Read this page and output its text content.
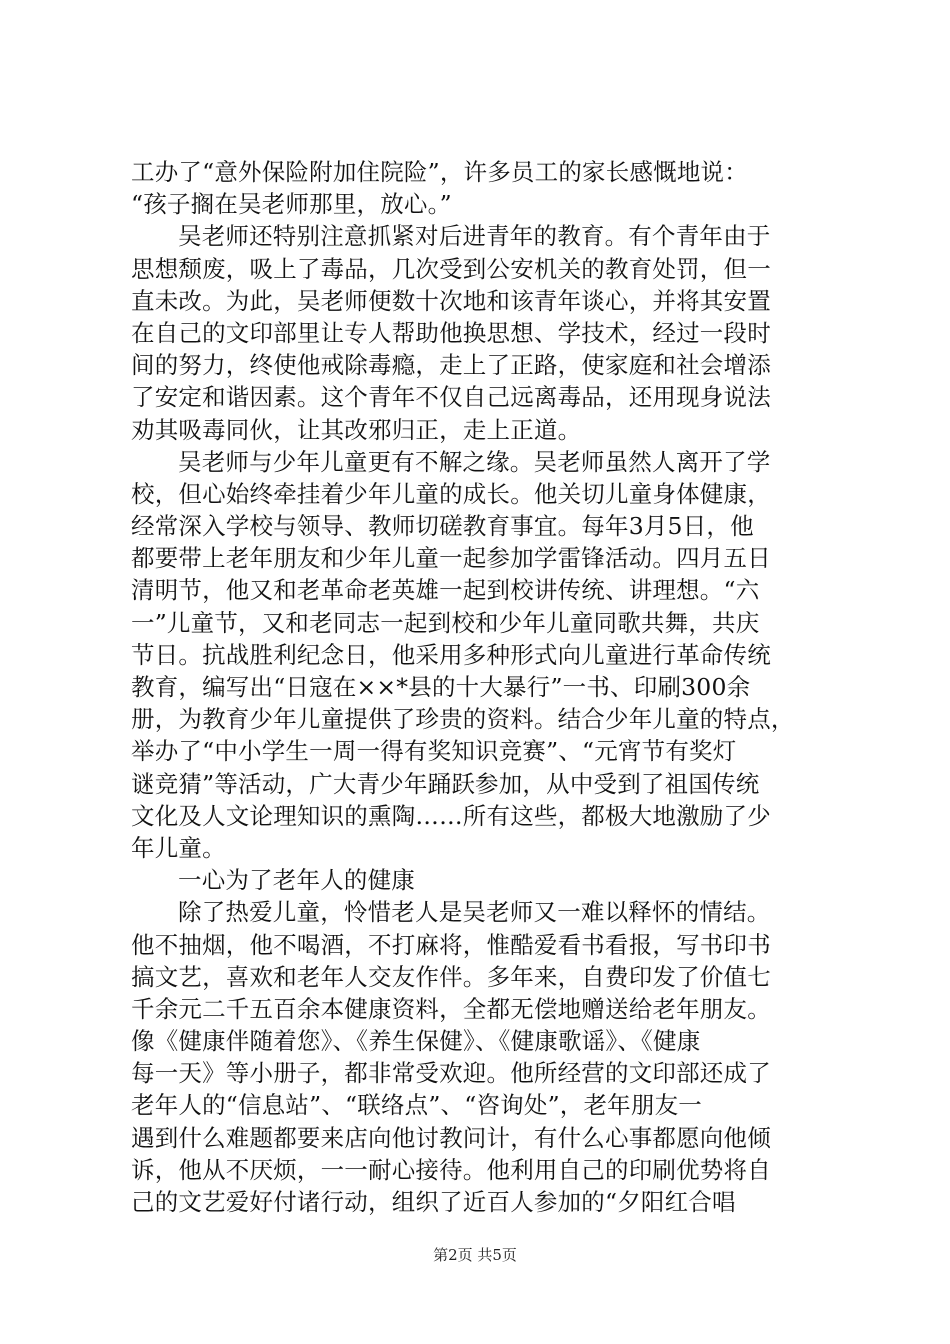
工办了“意外保险附加住院险”，许多员工的家长感慨地说：
“孩子搁在吴老师那里，放心。”
吴老师还特别注意抓紧对后进青年的教育。有个青年由于
思想颓废，吸上了毒品，几次受到公安机关的教育处罚，但一
直未改。为此，吴老师便数十次地和该青年谈心，并将其安置
在自己的文印部里让专人帮助他换思想、学技术，经过一段时
间的努力，终使他戒除毒瘾，走上了正路，使家庭和社会增添
了安定和谐因素。这个青年不仅自己远离毒品，还用现身说法
劝其吸毒同伙，让其改邪归正，走上正道。
吴老师与少年儿童更有不解之缘。吴老师虽然人离开了学
校，但心始终牵挂着少年儿童的成长。他关切儿童身体健康，
经常深入学校与领导、教师切磋教育事宜。每年3月5日，他
都要带上老年朋友和少年儿童一起参加学雷锋活动。四月五日
清明节，他又和老革命老英雄一起到校讲传统、讲理想。“六
一”儿童节，又和老同志一起到校和少年儿童同歌共舞，共庆
节日。抗战胜利纪念日，他采用多种形式向儿童进行革命传统
教育，编写出“日寇在××*县的十大暴行”一书、印刷300余
册，为教育少年儿童提供了珍贵的资料。结合少年儿童的特点，
举办了“中小学生一周一得有奖知识竞赛”、“元宵节有奖灯
谜竞猜”等活动，广大青少年踊跃参加，从中受到了祖国传统
文化及人文论理知识的熏陶……所有这些，都极大地激励了少
年儿童。
一心为了老年人的健康
除了热爱儿童，怜惜老人是吴老师又一难以释怀的情结。
他不抽烟，他不喝酒，不打麻将，惟酷爱看书看报，写书印书
搞文艺，喜欢和老年人交友作伴。多年来，自费印发了价值七
千余元二千五百余本健康资料，全都无偿地赠送给老年朋友。
像《健康伴随着您》、《养生保健》、《健康歌谣》、《健康
每一天》等小册子，都非常受欢迎。他所经营的文印部还成了
老年人的“信息站”、“联络点”、“咨询处”，老年朋友一
遇到什么难题都要来店向他讨教问计，有什么心事都愿向他倾
诉，他从不厌烦，一一耐心接待。他利用自己的印刷优势将自
己的文艺爱好付诸行动，组织了近百人参加的“夕阳红合唱
第2页 共5页
